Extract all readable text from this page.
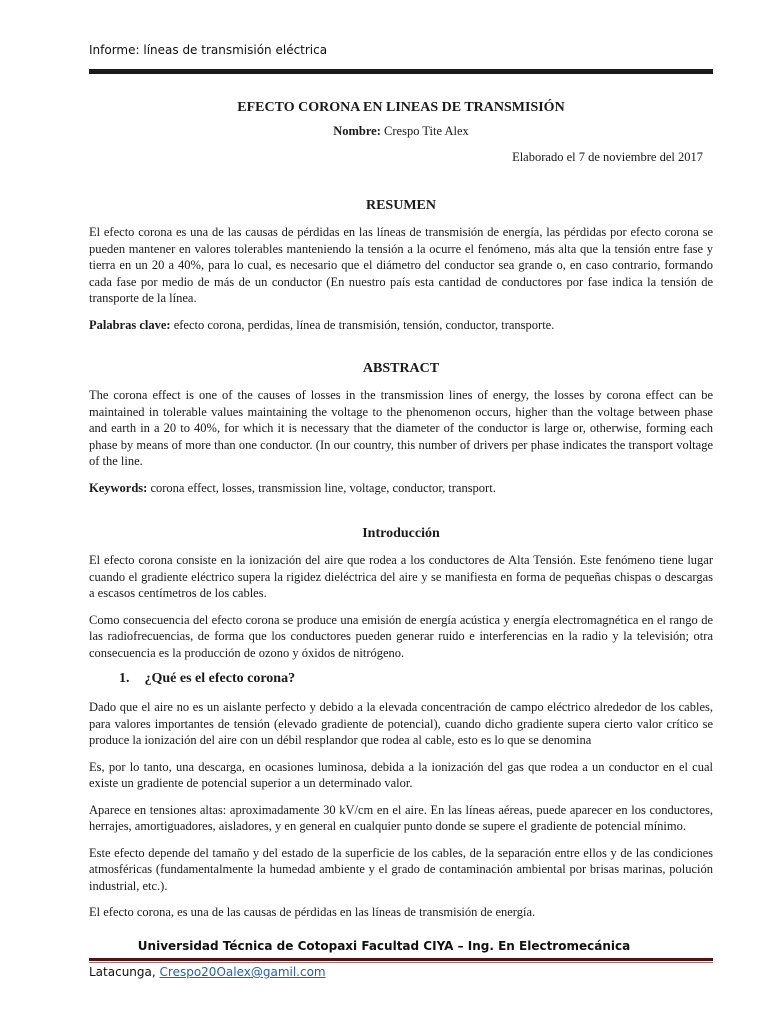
Informe: líneas de transmisión eléctrica

EFECTO CORONA EN LINEAS DE TRANSMISIÓN

Nombre: Crespo Tite Alex

Elaborado el 7 de noviembre del 2017

RESUMEN

El efecto corona es una de las causas de pérdidas en las líneas de transmisión de energía, las pérdidas por efecto corona se pueden mantener en valores tolerables manteniendo la tensión a la ocurre el fenómeno, más alta que la tensión entre fase y tierra en un 20 a 40%, para lo cual, es necesario que el diámetro del conductor sea grande o, en caso contrario, formando cada fase por medio de más de un conductor (En nuestro país esta cantidad de conductores por fase indica la tensión de transporte de la línea.

Palabras clave: efecto corona, perdidas, línea de transmisión, tensión, conductor, transporte.

ABSTRACT

The corona effect is one of the causes of losses in the transmission lines of energy, the losses by corona effect can be maintained in tolerable values maintaining the voltage to the phenomenon occurs, higher than the voltage between phase and earth in a 20 to 40%, for which it is necessary that the diameter of the conductor is large or, otherwise, forming each phase by means of more than one conductor. (In our country, this number of drivers per phase indicates the transport voltage of the line.

Keywords: corona effect, losses, transmission line, voltage, conductor, transport.

Introducción

El efecto corona consiste en la ionización del aire que rodea a los conductores de Alta Tensión. Este fenómeno tiene lugar cuando el gradiente eléctrico supera la rigidez dieléctrica del aire y se manifiesta en forma de pequeñas chispas o descargas a escasos centímetros de los cables.

Como consecuencia del efecto corona se produce una emisión de energía acústica y energía electromagnética en el rango de las radiofrecuencias, de forma que los conductores pueden generar ruido e interferencias en la radio y la televisión; otra consecuencia es la producción de ozono y óxidos de nitrógeno.

1. ¿Qué es el efecto corona?

Dado que el aire no es un aislante perfecto y debido a la elevada concentración de campo eléctrico alrededor de los cables, para valores importantes de tensión (elevado gradiente de potencial), cuando dicho gradiente supera cierto valor crítico se produce la ionización del aire con un débil resplandor que rodea al cable, esto es lo que se denomina

Es, por lo tanto, una descarga, en ocasiones luminosa, debida a la ionización del gas que rodea a un conductor en el cual existe un gradiente de potencial superior a un determinado valor.

Aparece en tensiones altas: aproximadamente 30 kV/cm en el aire. En las líneas aéreas, puede aparecer en los conductores, herrajes, amortiguadores, aisladores, y en general en cualquier punto donde se supere el gradiente de potencial mínimo.

Este efecto depende del tamaño y del estado de la superficie de los cables, de la separación entre ellos y de las condiciones atmosféricas (fundamentalmente la humedad ambiente y el grado de contaminación ambiental por brisas marinas, polución industrial, etc.).

El efecto corona, es una de las causas de pérdidas en las líneas de transmisión de energía.

Universidad Técnica de Cotopaxi Facultad CIYA – Ing. En Electromecánica
Latacunga, Crespo20Oalex@gamil.com
